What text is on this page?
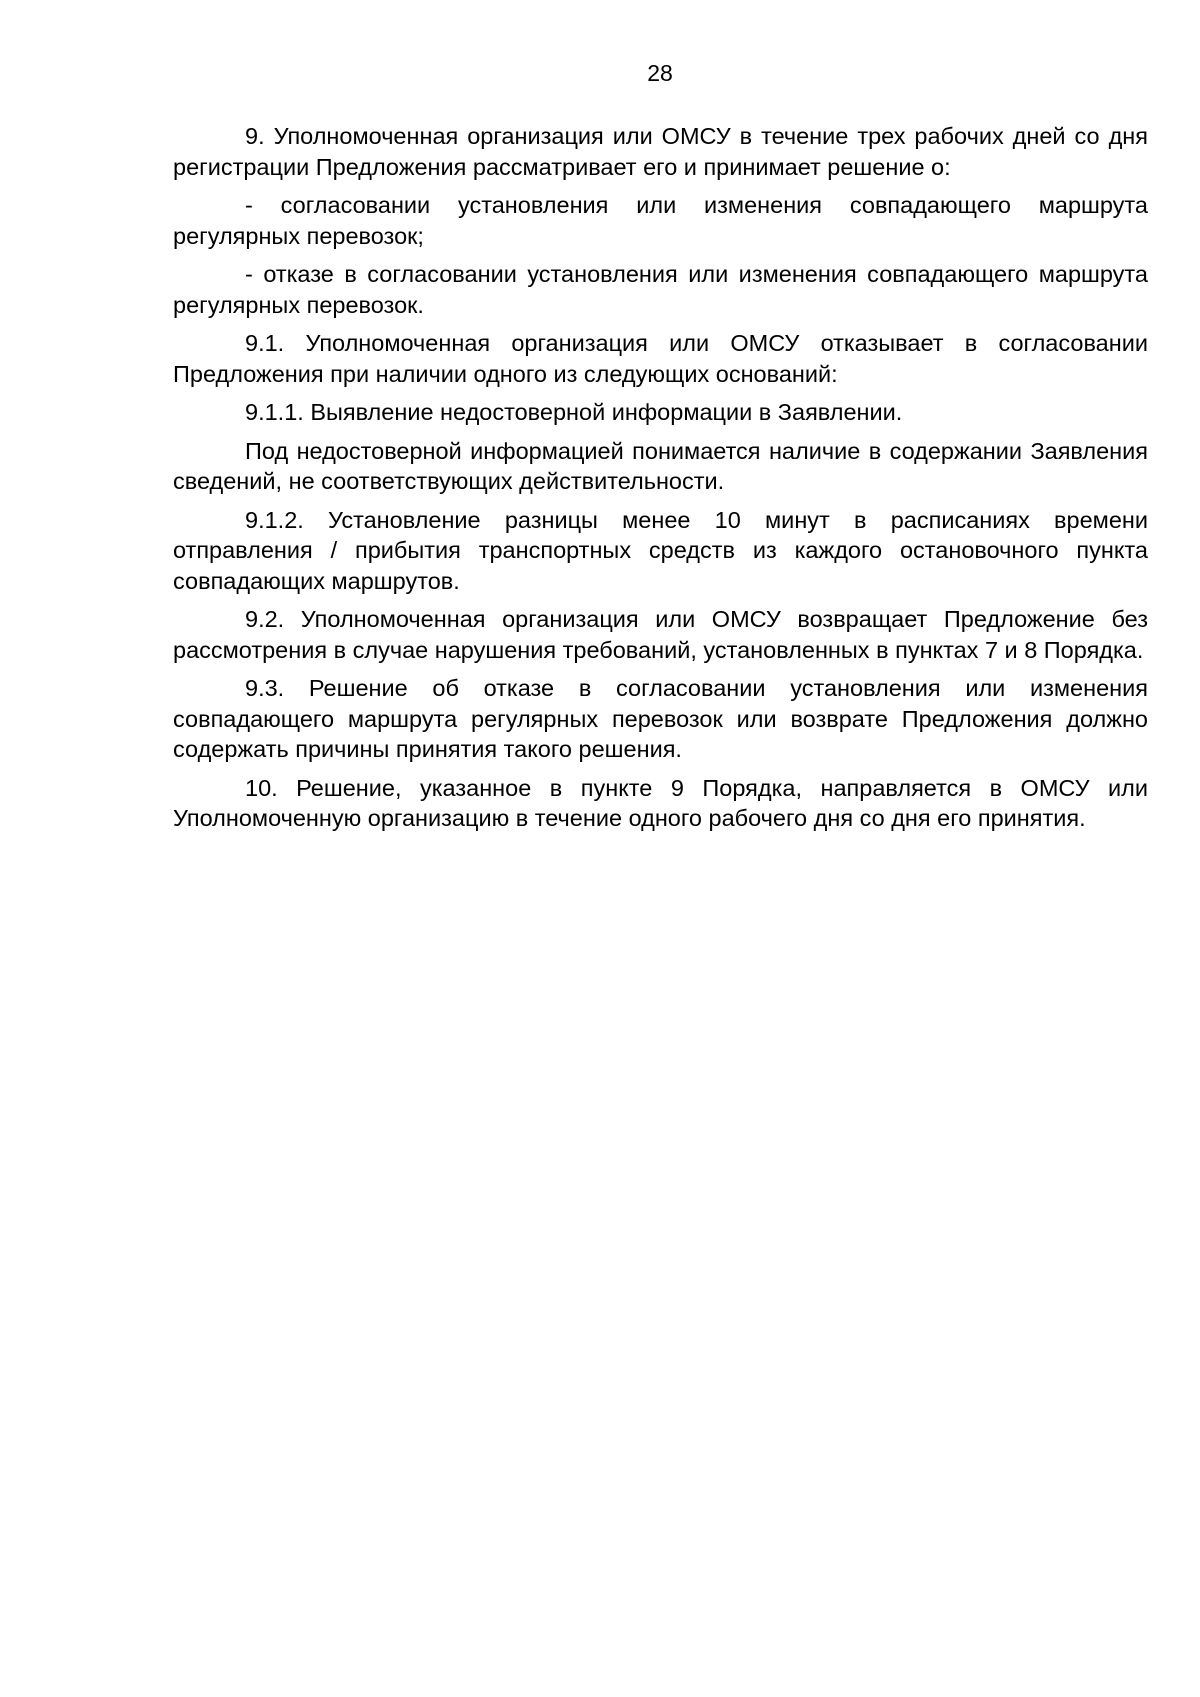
28

9. Уполномоченная организация или ОМСУ в течение трех рабочих дней со дня регистрации Предложения рассматривает его и принимает решение о:

- согласовании установления или изменения совпадающего маршрута регулярных перевозок;

- отказе в согласовании установления или изменения совпадающего маршрута регулярных перевозок.

9.1. Уполномоченная организация или ОМСУ отказывает в согласовании Предложения при наличии одного из следующих оснований:

9.1.1. Выявление недостоверной информации в Заявлении.

Под недостоверной информацией понимается наличие в содержании Заявления сведений, не соответствующих действительности.

9.1.2. Установление разницы менее 10 минут в расписаниях времени отправления / прибытия транспортных средств из каждого остановочного пункта совпадающих маршрутов.

9.2. Уполномоченная организация или ОМСУ возвращает Предложение без рассмотрения в случае нарушения требований, установленных в пунктах 7 и 8 Порядка.

9.3. Решение об отказе в согласовании установления или изменения совпадающего маршрута регулярных перевозок или возврате Предложения должно содержать причины принятия такого решения.

10. Решение, указанное в пункте 9 Порядка, направляется в ОМСУ или Уполномоченную организацию в течение одного рабочего дня со дня его принятия.
